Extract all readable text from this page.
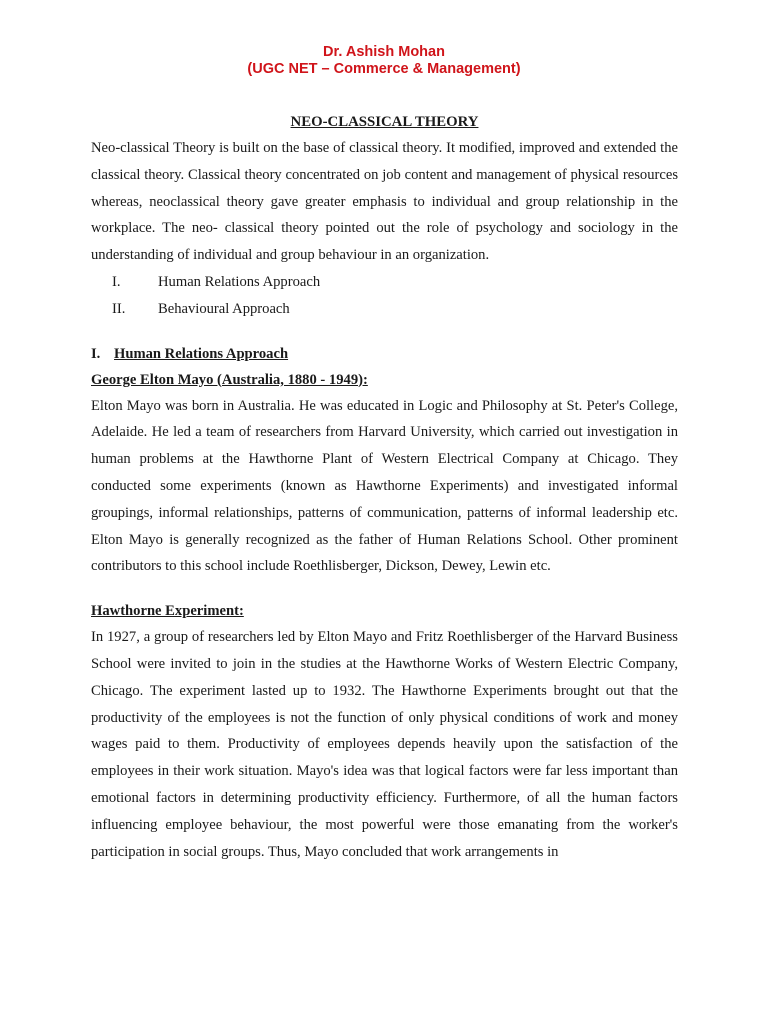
Dr. Ashish Mohan
(UGC NET – Commerce & Management)
NEO-CLASSICAL THEORY

Neo-classical Theory is built on the base of classical theory. It modified, improved and extended the classical theory. Classical theory concentrated on job content and management of physical resources whereas, neoclassical theory gave greater emphasis to individual and group relationship in the workplace. The neo- classical theory pointed out the role of psychology and sociology in the understanding of individual and group behaviour in an organization.

I.	Human Relations Approach
II.	Behavioural Approach
I. Human Relations Approach
George Elton Mayo (Australia, 1880 - 1949):

Elton Mayo was born in Australia. He was educated in Logic and Philosophy at St. Peter's College, Adelaide. He led a team of researchers from Harvard University, which carried out investigation in human problems at the Hawthorne Plant of Western Electrical Company at Chicago. They conducted some experiments (known as Hawthorne Experiments) and investigated informal groupings, informal relationships, patterns of communication, patterns of informal leadership etc. Elton Mayo is generally recognized as the father of Human Relations School. Other prominent contributors to this school include Roethlisberger, Dickson, Dewey, Lewin etc.

Hawthorne Experiment:

In 1927, a group of researchers led by Elton Mayo and Fritz Roethlisberger of the Harvard Business School were invited to join in the studies at the Hawthorne Works of Western Electric Company, Chicago. The experiment lasted up to 1932. The Hawthorne Experiments brought out that the productivity of the employees is not the function of only physical conditions of work and money wages paid to them. Productivity of employees depends heavily upon the satisfaction of the employees in their work situation. Mayo's idea was that logical factors were far less important than emotional factors in determining productivity efficiency. Furthermore, of all the human factors influencing employee behaviour, the most powerful were those emanating from the worker's participation in social groups. Thus, Mayo concluded that work arrangements in
